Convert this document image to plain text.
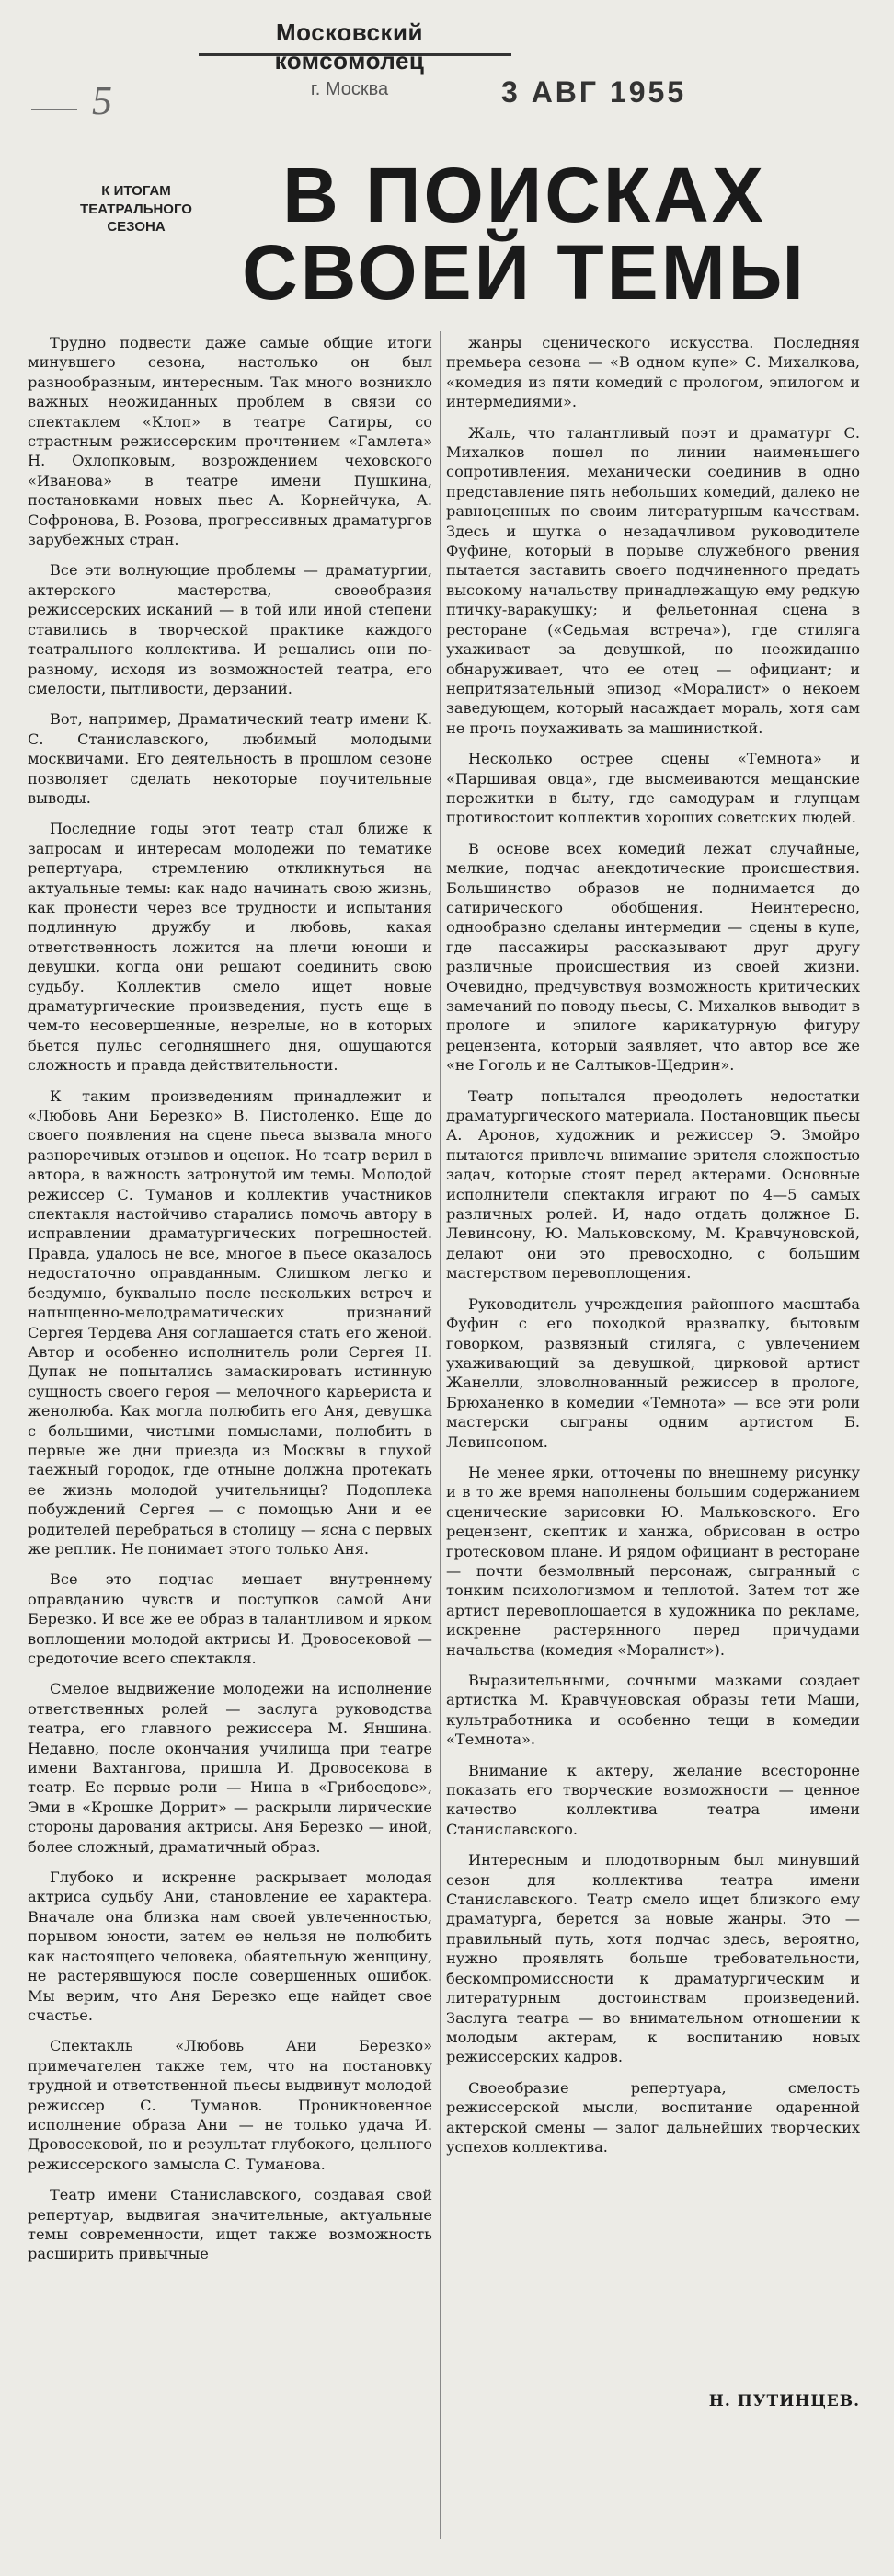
Московский комсомолец
г. Москва
5	3 АВГ 1955
К ИТОГАМ ТЕАТРАЛЬНОГО СЕЗОНА	В ПОИСКАХ СВОЕЙ ТЕМЫ

Трудно подвести даже самые общие итоги минувшего сезона, настолько он был разнообразным, интересным. Так много возникло важных неожиданных проблем в связи со спектаклем «Клоп» в театре Сатиры, со страстным режиссерским прочтением «Гамлета» Н. Охлопковым, возрождением чеховского «Иванова» в театре имени Пушкина, постановками новых пьес А. Корнейчука, А. Софронова, В. Розова, прогрессивных драматургов зарубежных стран.

Все эти волнующие проблемы — драматургии, актерского мастерства, своеобразия режиссерских исканий — в той или иной степени ставились в творческой практике каждого театрального коллектива. И решались они по-разному, исходя из возможностей театра, его смелости, пытливости, дерзаний.

Вот, например, Драматический театр имени К. С. Станиславского, любимый молодыми москвичами. Его деятельность в прошлом сезоне позволяет сделать некоторые поучительные выводы.

Последние годы этот театр стал ближе к запросам и интересам молодежи по тематике репертуара, стремлению откликнуться на актуальные темы: как надо начинать свою жизнь, как пронести через все трудности и испытания подлинную дружбу и любовь, какая ответственность ложится на плечи юноши и девушки, когда они решают соединить свою судьбу. Коллектив смело ищет новые драматургические произведения, пусть еще в чем-то несовершенные, незрелые, но в которых бьется пульс сегодняшнего дня, ощущаются сложность и правда действительности.

К таким произведениям принадлежит и «Любовь Ани Березко» В. Пистоленко. Еще до своего появления на сцене пьеса вызвала много разноречивых отзывов и оценок. Но театр верил в автора, в важность затронутой им темы. Молодой режиссер С. Туманов и коллектив участников спектакля настойчиво старались помочь автору в исправлении драматургических погрешностей. Правда, удалось не все, многое в пьесе оказалось недостаточно оправданным. Слишком легко и бездумно, буквально после нескольких встреч и напыщенно-мелодраматических признаний Сергея Тердева Аня соглашается стать его женой. Автор и особенно исполнитель роли Сергея Н. Дупак не попытались замаскировать истинную сущность своего героя — мелочного карьериста и женолюба. Как могла полюбить его Аня, девушка с большими, чистыми помыслами, полюбить в первые же дни приезда из Москвы в глухой таежный городок, где отныне должна протекать ее жизнь молодой учительницы? Подоплека побуждений Сергея — с помощью Ани и ее родителей перебраться в столицу — ясна с первых же реплик. Не понимает этого только Аня.

Все это подчас мешает внутреннему оправданию чувств и поступков самой Ани Березко. И все же ее образ в талантливом и ярком воплощении молодой актрисы И. Дровосековой — средоточие всего спектакля.

Смелое выдвижение молодежи на исполнение ответственных ролей — заслуга руководства театра, его главного режиссера М. Яншина. Недавно, после окончания училища при театре имени Вахтангова, пришла И. Дровосекова в театр. Ее первые роли — Нина в «Грибоедове», Эми в «Крошке Доррит» — раскрыли лирические стороны дарования актрисы. Аня Березко — иной, более сложный, драматичный образ.

Глубоко и искренне раскрывает молодая актриса судьбу Ани, становление ее характера. Вначале она близка нам своей увлеченностью, порывом юности, затем ее нельзя не полюбить как настоящего человека, обаятельную женщину, не растерявшуюся после совершенных ошибок. Мы верим, что Аня Березко еще найдет свое счастье.

Спектакль «Любовь Ани Березко» примечателен также тем, что на постановку трудной и ответственной пьесы выдвинут молодой режиссер С. Туманов. Проникновенное исполнение образа Ани — не только удача И. Дровосековой, но и результат глубокого, цельного режиссерского замысла С. Туманова.

Театр имени Станиславского, создавая свой репертуар, выдвигая значительные, актуальные темы современности, ищет также возможность расширить привычные

жанры сценического искусства. Последняя премьера сезона — «В одном купе» С. Михалкова, «комедия из пяти комедий с прологом, эпилогом и интермедиями».

Жаль, что талантливый поэт и драматург С. Михалков пошел по линии наименьшего сопротивления, механически соединив в одно представление пять небольших комедий, далеко не равноценных по своим литературным качествам. Здесь и шутка о незадачливом руководителе Фуфине, который в порыве служебного рвения пытается заставить своего подчиненного предать высокому начальству принадлежащую ему редкую птичку-варакушку; и фельетонная сцена в ресторане («Седьмая встреча»), где стиляга ухаживает за девушкой, но неожиданно обнаруживает, что ее отец — официант; и непритязательный эпизод «Моралист» о некоем заведующем, который насаждает мораль, хотя сам не прочь поухаживать за машинисткой.

Несколько острее сцены «Темнота» и «Паршивая овца», где высмеиваются мещанские пережитки в быту, где самодурам и глупцам противостоит коллектив хороших советских людей.

В основе всех комедий лежат случайные, мелкие, подчас анекдотические происшествия. Большинство образов не поднимается до сатирического обобщения. Неинтересно, однообразно сделаны интермедии — сцены в купе, где пассажиры рассказывают друг другу различные происшествия из своей жизни. Очевидно, предчувствуя возможность критических замечаний по поводу пьесы, С. Михалков выводит в прологе и эпилоге карикатурную фигуру рецензента, который заявляет, что автор все же «не Гоголь и не Салтыков-Щедрин».

Театр попытался преодолеть недостатки драматургического материала. Постановщик пьесы А. Аронов, художник и режиссер Э. Змойро пытаются привлечь внимание зрителя сложностью задач, которые стоят перед актерами. Основные исполнители спектакля играют по 4—5 самых различных ролей. И, надо отдать должное Б. Левинсону, Ю. Мальковскому, М. Кравчуновской, делают они это превосходно, с большим мастерством перевоплощения.

Руководитель учреждения районного масштаба Фуфин с его походкой вразвалку, бытовым говорком, развязный стиляга, с увлечением ухаживающий за девушкой, цирковой артист Жанелли, зловолнованный режиссер в прологе, Брюханенко в комедии «Темнота» — все эти роли мастерски сыграны одним артистом Б. Левинсоном.

Не менее ярки, отточены по внешнему рисунку и в то же время наполнены большим содержанием сценические зарисовки Ю. Мальковского. Его рецензент, скептик и ханжа, обрисован в остро гротесковом плане. И рядом официант в ресторане — почти безмолвный персонаж, сыгранный с тонким психологизмом и теплотой. Затем тот же артист перевоплощается в художника по рекламе, искренне растерянного перед причудами начальства (комедия «Моралист»).

Выразительными, сочными мазками создает артистка М. Кравчуновская образы тети Маши, культработника и особенно тещи в комедии «Темнота».

Внимание к актеру, желание всесторонне показать его творческие возможности — ценное качество коллектива театра имени Станиславского.

Интересным и плодотворным был минувший сезон для коллектива театра имени Станиславского. Театр смело ищет близкого ему драматурга, берется за новые жанры. Это — правильный путь, хотя подчас здесь, вероятно, нужно проявлять больше требовательности, бескомпромиссности к драматургическим и литературным достоинствам произведений. Заслуга театра — во внимательном отношении к молодым актерам, к воспитанию новых режиссерских кадров.

Своеобразие репертуара, смелость режиссерской мысли, воспитание одаренной актерской смены — залог дальнейших творческих успехов коллектива.

Н. ПУТИНЦЕВ.
